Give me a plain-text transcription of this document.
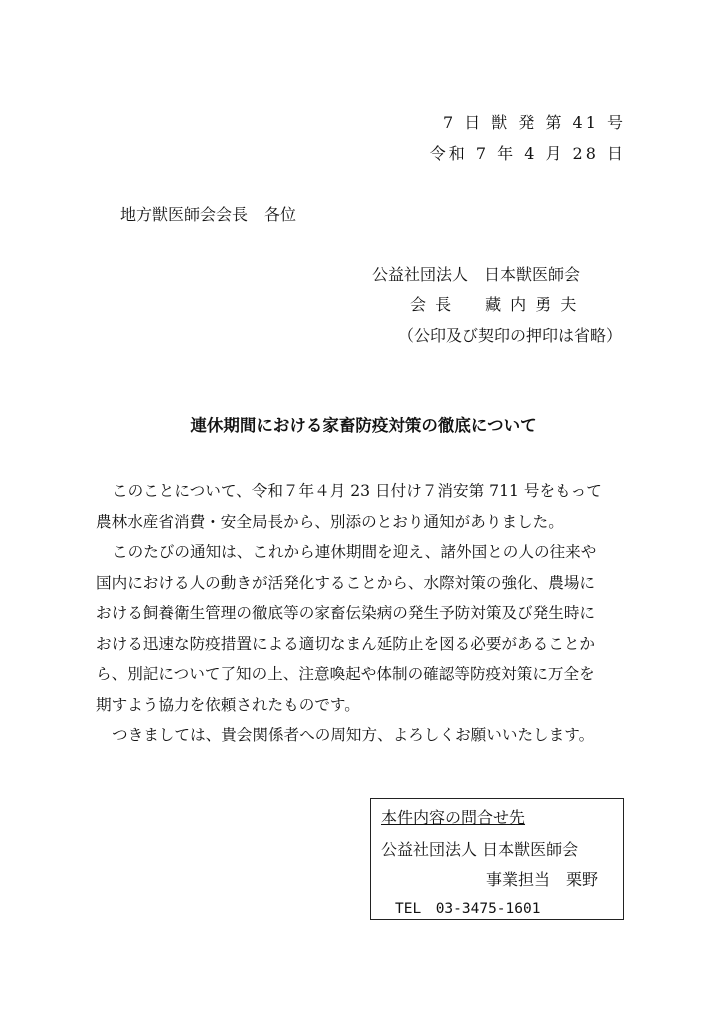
7 日 獣 発 第 41 号
令和 7 年 4 月 28 日
地方獣医師会会長　各位
公益社団法人　日本獣医師会
会 長 藏 内 勇 夫
（公印及び契印の押印は省略）
連休期間における家畜防疫対策の徹底について

このことについて、令和７年４月 23 日付け７消安第 711 号をもって

農林水産省消費・安全局長から、別添のとおり通知がありました。

このたびの通知は、これから連休期間を迎え、諸外国との人の往来や

国内における人の動きが活発化することから、水際対策の強化、農場に

おける飼養衛生管理の徹底等の家畜伝染病の発生予防対策及び発生時に

おける迅速な防疫措置による適切なまん延防止を図る必要があることか

ら、別記について了知の上、注意喚起や体制の確認等防疫対策に万全を

期すよう協力を依頼されたものです。

つきましては、貴会関係者への周知方、よろしくお願いいたします。

本件内容の問合せ先
公益社団法人 日本獣医師会
事業担当　栗野
TEL　03-3475-1601
